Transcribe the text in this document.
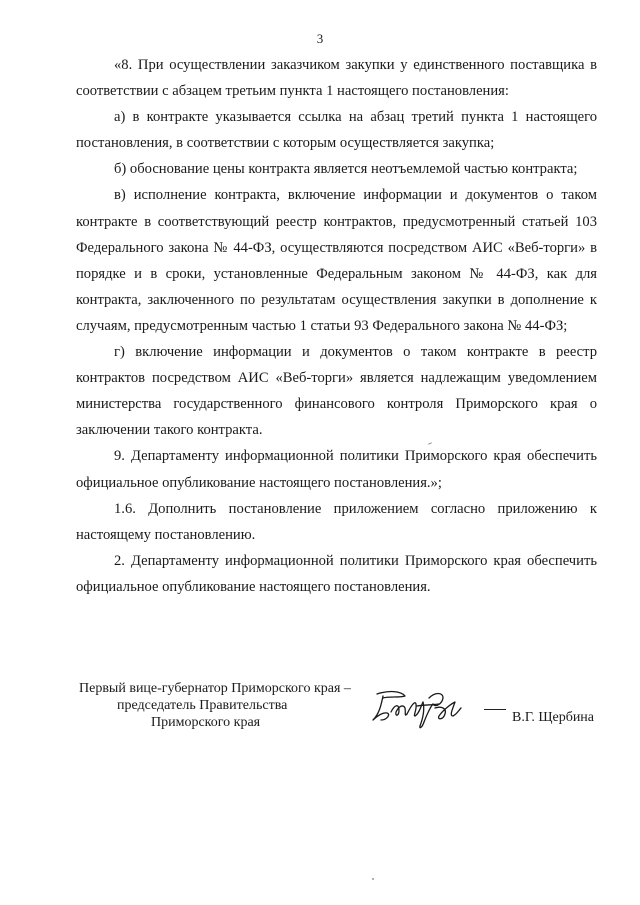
3

«8. При осуществлении заказчиком закупки у единственного поставщика в соответствии с абзацем третьим пункта 1 настоящего постановления:

а) в контракте указывается ссылка на абзац третий пункта 1 настоящего постановления, в соответствии с которым осуществляется закупка;

б) обоснование цены контракта является неотъемлемой частью контракта;

в) исполнение контракта, включение информации и документов о таком контракте в соответствующий реестр контрактов, предусмотренный статьей 103 Федерального закона № 44-ФЗ, осуществляются посредством АИС «Веб-торги» в порядке и в сроки, установленные Федеральным законом № 44-ФЗ, как для контракта, заключенного по результатам осуществления закупки в дополнение к случаям, предусмотренным частью 1 статьи 93 Федерального закона № 44-ФЗ;

г) включение информации и документов о таком контракте в реестр контрактов посредством АИС «Веб-торги» является надлежащим уведомлением министерства государственного финансового контроля Приморского края о заключении такого контракта.

9. Департаменту информационной политики Приморского края обеспечить официальное опубликование настоящего постановления.»;

1.6. Дополнить постановление приложением согласно приложению к настоящему постановлению.

2. Департаменту информационной политики Приморского края обеспечить официальное опубликование настоящего постановления.

Первый вице-губернатор Приморского края –
председатель Правительства
Приморского края	В.Г. Щербина
